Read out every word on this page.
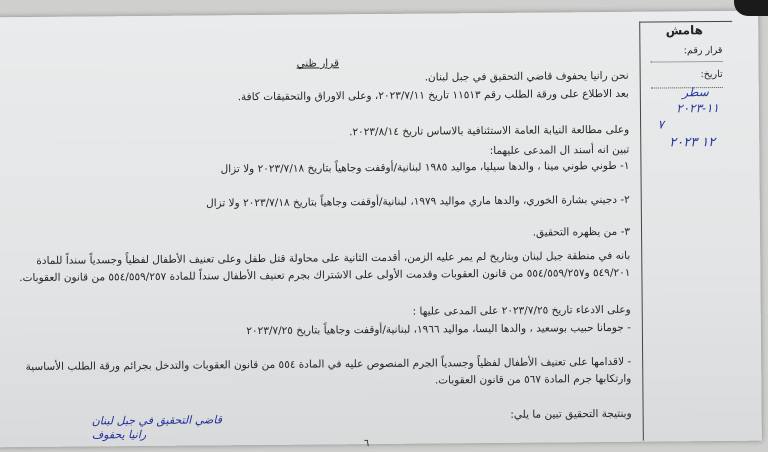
هامش
قرار رقم:
تاريخ:
سطر
١١-٢٠٢٣
٧
١٢ ٢٠٢٣
قرار ظني
نحن رانيا يحفوف قاضي التحقيق في جبل لبنان.
بعد الاطلاع على ورقة الطلب رقم ١١٥١٣ تاريخ ٢٠٢٣/٧/١١، وعلى الاوراق والتحقيقات كافة.
وعلى مطالعة النيابة العامة الاستئنافية بالاساس تاريخ ٢٠٢٣/٨/١٤.
تبين انه أسند ال المدعى عليهما:
١- طوني طوني مينا ، والدها سيليا، مواليد ١٩٨٥ لبنانية/أوقفت وجاهياً بتاريخ ٢٠٢٣/٧/١٨ ولا تزال
٢- دجيني بشارة الخوري، والدها ماري مواليد ١٩٧٩، لبنانية/أوقفت وجاهياً بتاريخ ٢٠٢٣/٧/١٨ ولا تزال
٣- من يظهره التحقيق.
بانه في منطقة جبل لبنان وبتاريخ لم يمر عليه الزمن، أقدمت الثانية على محاولة قتل طفل وعلى تعنيف الأطفال لفظياً وجسدياً سنداً للمادة ٥٤٩/٢٠١ و٥٥٤/٥٥٩/٢٥٧ من قانون العقوبات وقدمت الأولى على الاشتراك بجرم تعنيف الأطفال سنداً للمادة ٥٥٤/٥٥٩/٢٥٧ من قانون العقوبات.
وعلى الادعاء تاريخ ٢٠٢٣/٧/٢٥ على المدعى عليها :
- جومانا حبيب بوسعيد ، والدها اليسا، مواليد ١٩٦٦، لبنانية/أوقفت وجاهياً بتاريخ ٢٠٢٣/٧/٢٥
- لاقدامها على تعنيف الأطفال لفظياً وجسدياً الجرم المنصوص عليه في المادة ٥٥٤ من قانون العقوبات والتدخل بجرائم ورقة الطلب الأساسية وارتكابها جرم المادة ٥٦٧ من قانون العقوبات.
وبنتيجة التحقيق تبين ما يلي:
قاضي التحقيق في جبل لبنان
رانيا يحفوف
٦
